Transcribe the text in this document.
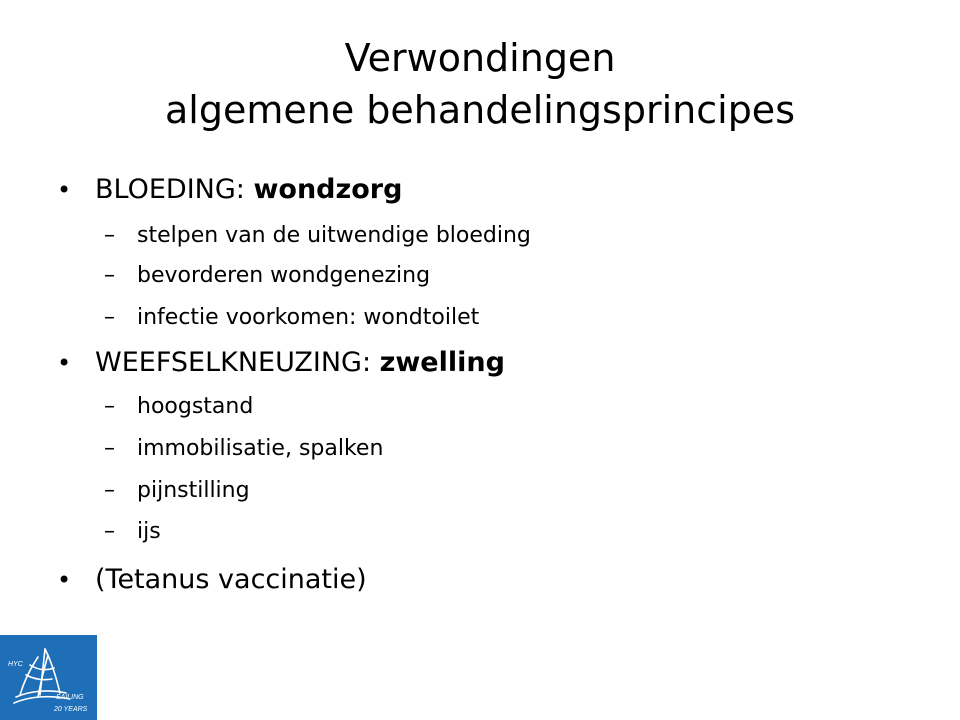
Verwondingen
algemene behandelingsprincipes
• BLOEDING: wondzorg
– stelpen van de uitwendige bloeding
– bevorderen wondgenezing
– infectie voorkomen: wondtoilet
• WEEFSELKNEUZING: zwelling
– hoogstand
– immobilisatie, spalken
– pijnstilling
– ijs
• (Tetanus vaccinatie)
HYC
SAILING
20 YEARS
